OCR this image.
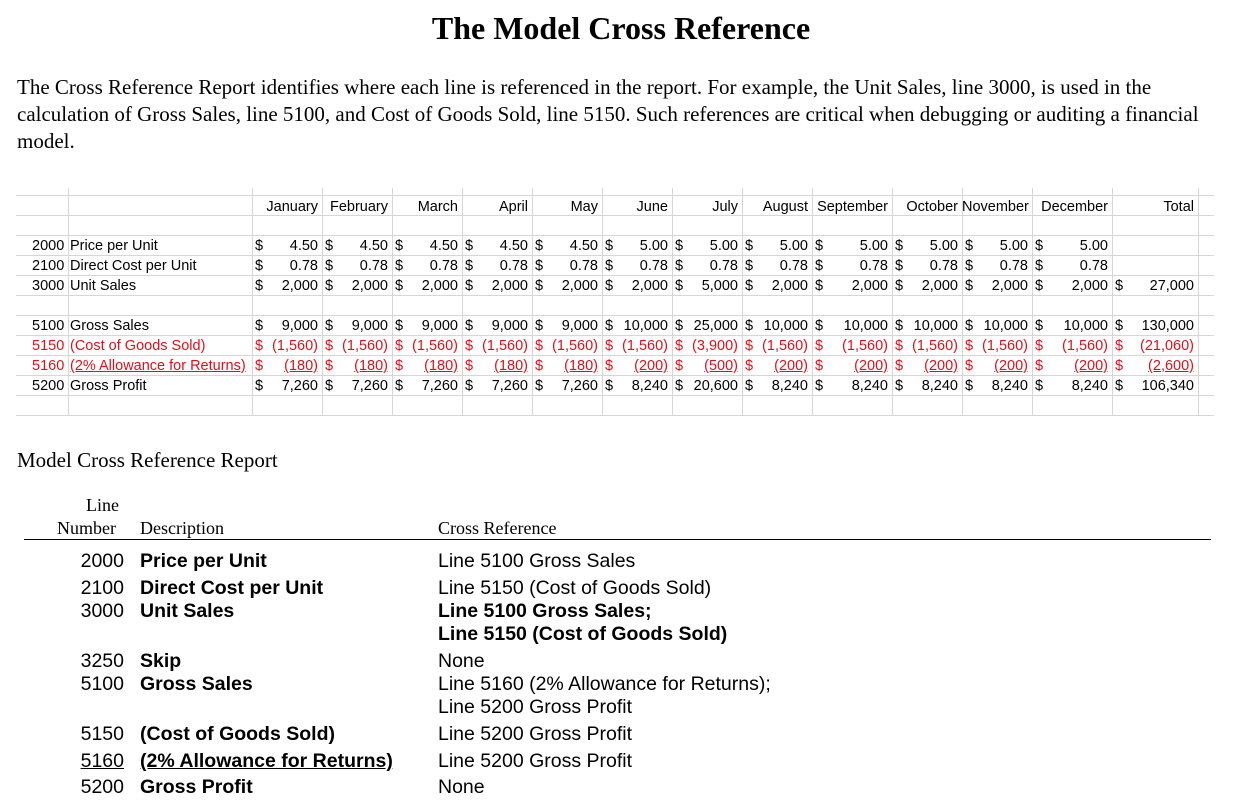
The Model Cross Reference

The Cross Reference Report identifies where each line is referenced in the report. For example, the Unit Sales, line 3000, is used in the calculation of Gross Sales, line 5100, and Cost of Goods Sold, line 5150. Such references are critical when debugging or auditing a financial model.

January February	March	April	May	June	July	August September	October November December	Total
2000 Price per Unit	$ 4.50 $ 4.50 $ 4.50 $ 4.50 $ 4.50 $ 5.00 $ 5.00 $ 5.00 $	5.00 $ 5.00 $ 5.00 $	5.00
2100 Direct Cost per Unit	$ 0.78 $ 0.78 $ 0.78 $ 0.78 $ 0.78 $ 0.78 $ 0.78 $ 0.78 $	0.78 $ 0.78 $ 0.78 $	0.78
3000 Unit Sales	$ 2,000 $ 2,000 $ 2,000 $ 2,000 $ 2,000 $ 2,000 $ 5,000 $ 2,000 $ 2,000 $ 2,000 $ 2,000 $ 2,000 $ 27,000
5100 Gross Sales	$ 9,000 $ 9,000 $ 9,000 $ 9,000 $ 9,000 $ 10,000 $ 25,000 $ 10,000 $ 10,000 $ 10,000 $ 10,000 $ 10,000 $ 130,000
5150 (Cost of Goods Sold)	$ (1,560) $ (1,560) $ (1,560) $ (1,560) $ (1,560) $ (1,560) $ (3,900) $ (1,560) $ (1,560) $ (1,560) $ (1,560) $ (1,560) $ (21,060)
5160 (2% Allowance for Returns) $ (180) $ (180) $ (180) $ (180) $ (180) $ (200) $ (500) $ (200) $ (200) $ (200) $ (200) $ (200) $ (2,600)
5200 Gross Profit	$ 7,260 $ 7,260 $ 7,260 $ 7,260 $ 7,260 $ 8,240 $ 20,600 $ 8,240 $ 8,240 $ 8,240 $ 8,240 $ 8,240 $ 106,340
Model Cross Reference Report
Line
Number Description	Cross Reference
2000 Price per Unit	Line 5100 Gross Sales
2100 Direct Cost per Unit	Line 5150 (Cost of Goods Sold)
3000 Unit Sales	Line 5100 Gross Sales;
Line 5150 (Cost of Goods Sold)
3250 Skip	None
5100 Gross Sales	Line 5160 (2% Allowance for Returns);
Line 5200 Gross Profit
5150 (Cost of Goods Sold)	Line 5200 Gross Profit
5160 (2% Allowance for Returns) Line 5200 Gross Profit
5200 Gross Profit	None
